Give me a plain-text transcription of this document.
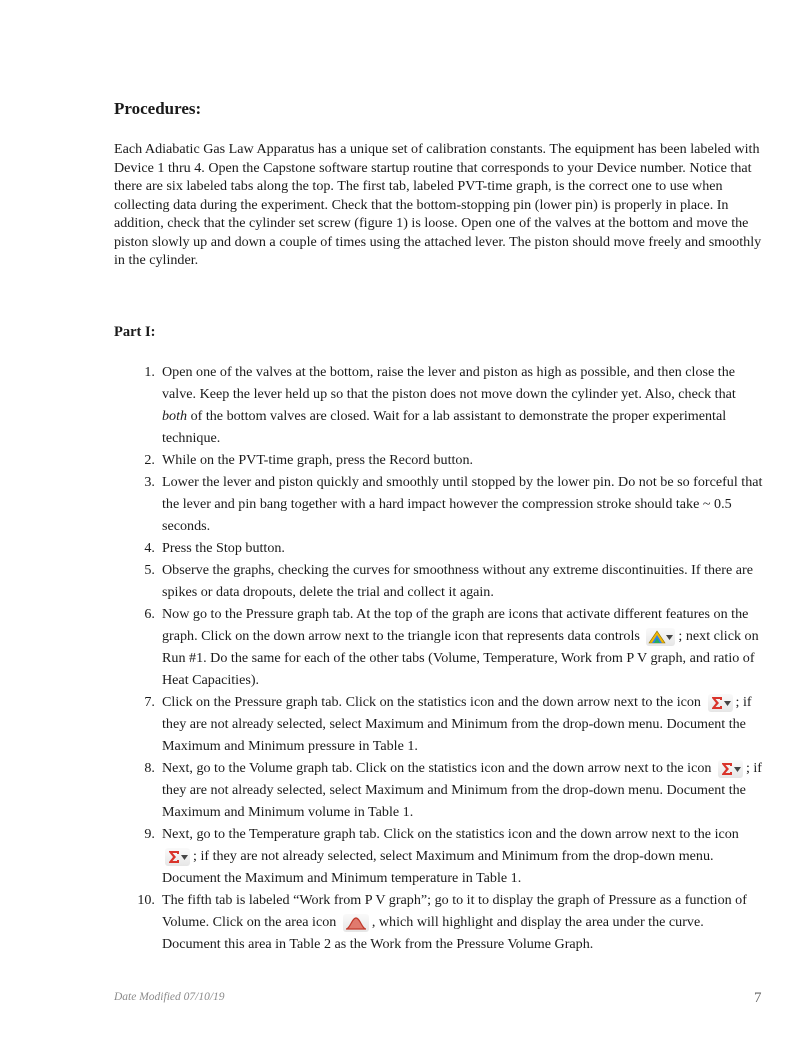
Procedures:

Each Adiabatic Gas Law Apparatus has a unique set of calibration constants. The equipment has been labeled with Device 1 thru 4. Open the Capstone software startup routine that corresponds to your Device number. Notice that there are six labeled tabs along the top. The first tab, labeled PVT-time graph, is the correct one to use when collecting data during the experiment. Check that the bottom-stopping pin (lower pin) is properly in place. In addition, check that the cylinder set screw (figure 1) is loose. Open one of the valves at the bottom and move the piston slowly up and down a couple of times using the attached lever. The piston should move freely and smoothly in the cylinder.

Part I:
1. Open one of the valves at the bottom, raise the lever and piston as high as possible, and then close the valve. Keep the lever held up so that the piston does not move down the cylinder yet. Also, check that both of the bottom valves are closed. Wait for a lab assistant to demonstrate the proper experimental technique.
2. While on the PVT-time graph, press the Record button.
3. Lower the lever and piston quickly and smoothly until stopped by the lower pin. Do not be so forceful that the lever and pin bang together with a hard impact however the compression stroke should take ~ 0.5 seconds.
4. Press the Stop button.
5. Observe the graphs, checking the curves for smoothness without any extreme discontinuities. If there are spikes or data dropouts, delete the trial and collect it again.
6. Now go to the Pressure graph tab. At the top of the graph are icons that activate different features on the graph. Click on the down arrow next to the triangle icon that represents data controls
; next click on Run #1. Do the same for each of the other tabs (Volume, Temperature, Work from P V graph, and ratio of Heat Capacities).
7. Click on the Pressure graph tab. Click on the statistics icon and the down arrow next to the icon
; if they are not already selected, select Maximum and Minimum from the drop-down menu. Document the Maximum and Minimum pressure in Table 1.
8. Next, go to the Volume graph tab. Click on the statistics icon and the down arrow next to the icon
; if they are not already selected, select Maximum and Minimum from the drop-down menu. Document the Maximum and Minimum volume in Table 1.
9. Next, go to the Temperature graph tab. Click on the statistics icon and the down arrow next to the icon
; if they are not already selected, select Maximum and Minimum from the drop-down menu. Document the Maximum and Minimum temperature in Table 1.
10. The fifth tab is labeled “Work from P V graph”; go to it to display the graph of Pressure as a function of Volume. Click on the area icon
, which will highlight and display the area under the curve. Document this area in Table 2 as the Work from the Pressure Volume Graph.
Date Modified 07/10/19	7
